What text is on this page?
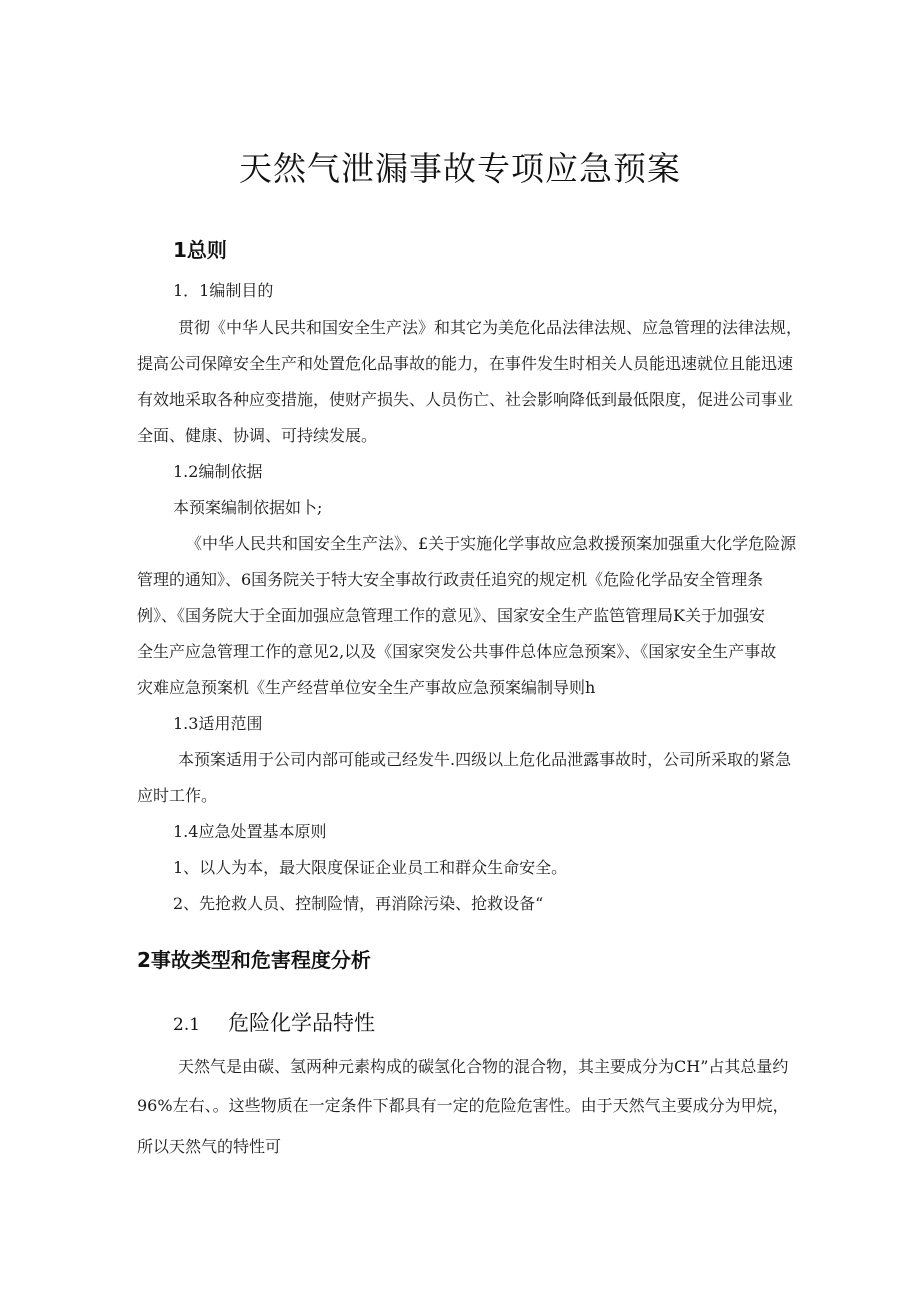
天然气泄漏事故专项应急预案
1总则
1．1编制目的
贯彻《中华人民共和国安全生产法》和其它为美危化品法律法规、应急管理的法律法规，
提高公司保障安全生产和处置危化品事故的能力，在事件发生时相关人员能迅速就位且能迅速
有效地采取各种应变措施，使财产损失、人员伤亡、社会影响降低到最低限度，促进公司事业
全面、健康、协调、可持续发展。
1.2编制依据
本预案编制依据如卜;
《中华人民共和国安全生产法》、£关于实施化学事故应急救援预案加强重大化学危险源
管理的通知》、6国务院关于特大安全事故行政责任追究的规定机《危险化学品安全管理条
例》、《国务院大于全面加强应急管理工作的意见》、国家安全生产监笆管理局K关于加强安
全生产应急管理工作的意见2,以及《国家突发公共事件总体应急预案》、《国家安全生产事故
灾难应急预案机《生产经营单位安全生产事故应急预案编制导则h
1.3适用范围
本预案适用于公司内部可能或己经发牛.四级以上危化品泄露事故时，公司所采取的紧急
应时工作。
1.4应急处置基本原则
1、以人为本，最大限度保证企业员工和群众生命安全。
2、先抢救人员、控制险情，再消除污染、抢救设备“
2事故类型和危害程度分析
2.1 危险化学品特性
天然气是由碳、氢两种元素构成的碳氢化合物的混合物，其主要成分为CH”占其总量约
96%左右、。这些物质在一定条件下都具有一定的危险危害性。由于天然气主要成分为甲烷，
所以天然气的特性可
